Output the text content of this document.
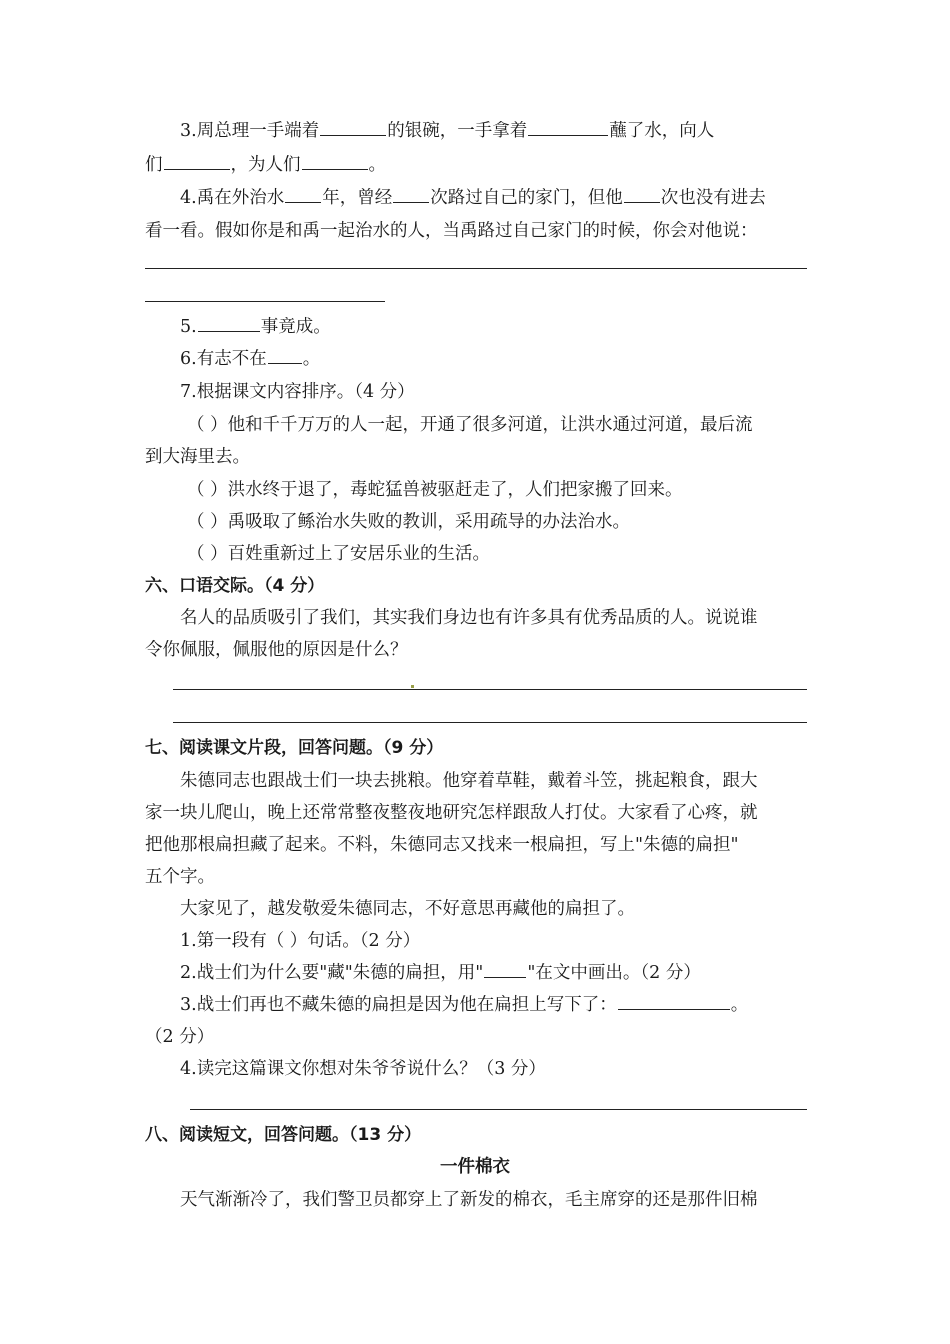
3.周总理一手端着	的银碗，一手拿着	蘸了水，向人
们	，为人们	。
4.禹在外治水 年，曾经 次路过自己的家门，但他 次也没有进去
看一看。假如你是和禹一起治水的人，当禹路过自己家门的时候，你会对他说：
5.	事竟成。
6.有志不在 。
7.根据课文内容排序。（4 分）
（ ）他和千千万万的人一起，开通了很多河道，让洪水通过河道，最后流
到大海里去。
（ ）洪水终于退了，毒蛇猛兽被驱赶走了，人们把家搬了回来。
（ ）禹吸取了鲧治水失败的教训，采用疏导的办法治水。
（ ）百姓重新过上了安居乐业的生活。
六、口语交际。（4 分）
名人的品质吸引了我们，其实我们身边也有许多具有优秀品质的人。说说谁
令你佩服，佩服他的原因是什么？
七、阅读课文片段，回答问题。（9 分）
朱德同志也跟战士们一块去挑粮。他穿着草鞋，戴着斗笠，挑起粮食，跟大
家一块儿爬山，晚上还常常整夜整夜地研究怎样跟敌人打仗。大家看了心疼，就
把他那根扁担藏了起来。不料，朱德同志又找来一根扁担，写上"朱德的扁担"
五个字。
大家见了，越发敬爱朱德同志，不好意思再藏他的扁担了。
1.第一段有（ ）句话。（2 分）
2.战士们为什么要"藏"朱德的扁担，用"	"在文中画出。（2 分）
3.战士们再也不藏朱德的扁担是因为他在扁担上写下了：	。
（2 分）
4.读完这篇课文你想对朱爷爷说什么？（3 分）
八、阅读短文，回答问题。（13 分）
一件棉衣
天气渐渐冷了，我们警卫员都穿上了新发的棉衣，毛主席穿的还是那件旧棉
